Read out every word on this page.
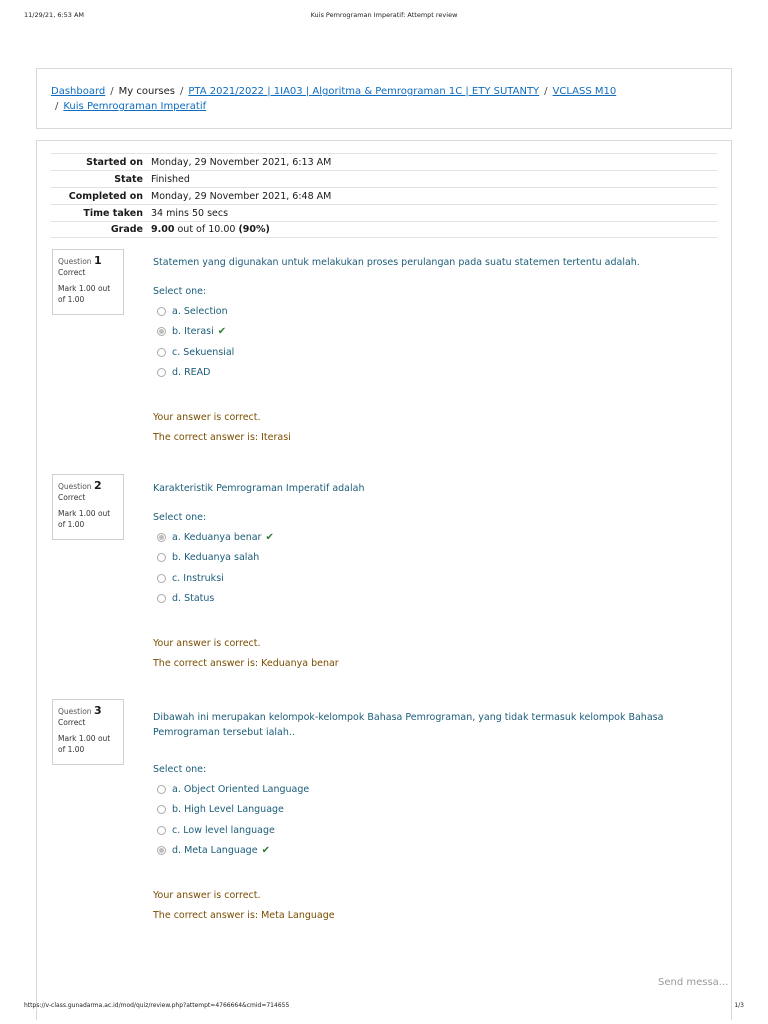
11/29/21, 6:53 AM	Kuis Pemrograman Imperatif: Attempt review
Dashboard / My courses / PTA 2021/2022 | 1IA03 | Algoritma & Pemrograman 1C | ETY SUTANTY / VCLASS M10
/ Kuis Pemrograman Imperatif
Started on Monday, 29 November 2021, 6:13 AM
State Finished
Completed on Monday, 29 November 2021, 6:48 AM
Time taken 34 mins 50 secs
Grade 9.00 out of 10.00 (90%)
Question 1
Correct
Mark 1.00 out of 1.00
Statemen yang digunakan untuk melakukan proses perulangan pada suatu statemen tertentu adalah.
Select one:
a. Selection
b. Iterasi ✔
c. Sekuensial
d. READ
Your answer is correct.
The correct answer is: Iterasi
Question 2
Correct
Mark 1.00 out of 1.00
Karakteristik Pemrograman Imperatif adalah
Select one:
a. Keduanya benar ✔
b. Keduanya salah
c. Instruksi
d. Status
Your answer is correct.
The correct answer is: Keduanya benar
Question 3
Correct
Mark 1.00 out of 1.00
Dibawah ini merupakan kelompok-kelompok Bahasa Pemrograman, yang tidak termasuk kelompok Bahasa Pemrograman tersebut ialah..
Select one:
a. Object Oriented Language
b. High Level Language
c. Low level language
d. Meta Language ✔
Your answer is correct.
The correct answer is: Meta Language
Send messa...
https://v-class.gunadarma.ac.id/mod/quiz/review.php?attempt=4766664&cmid=714655	1/3
